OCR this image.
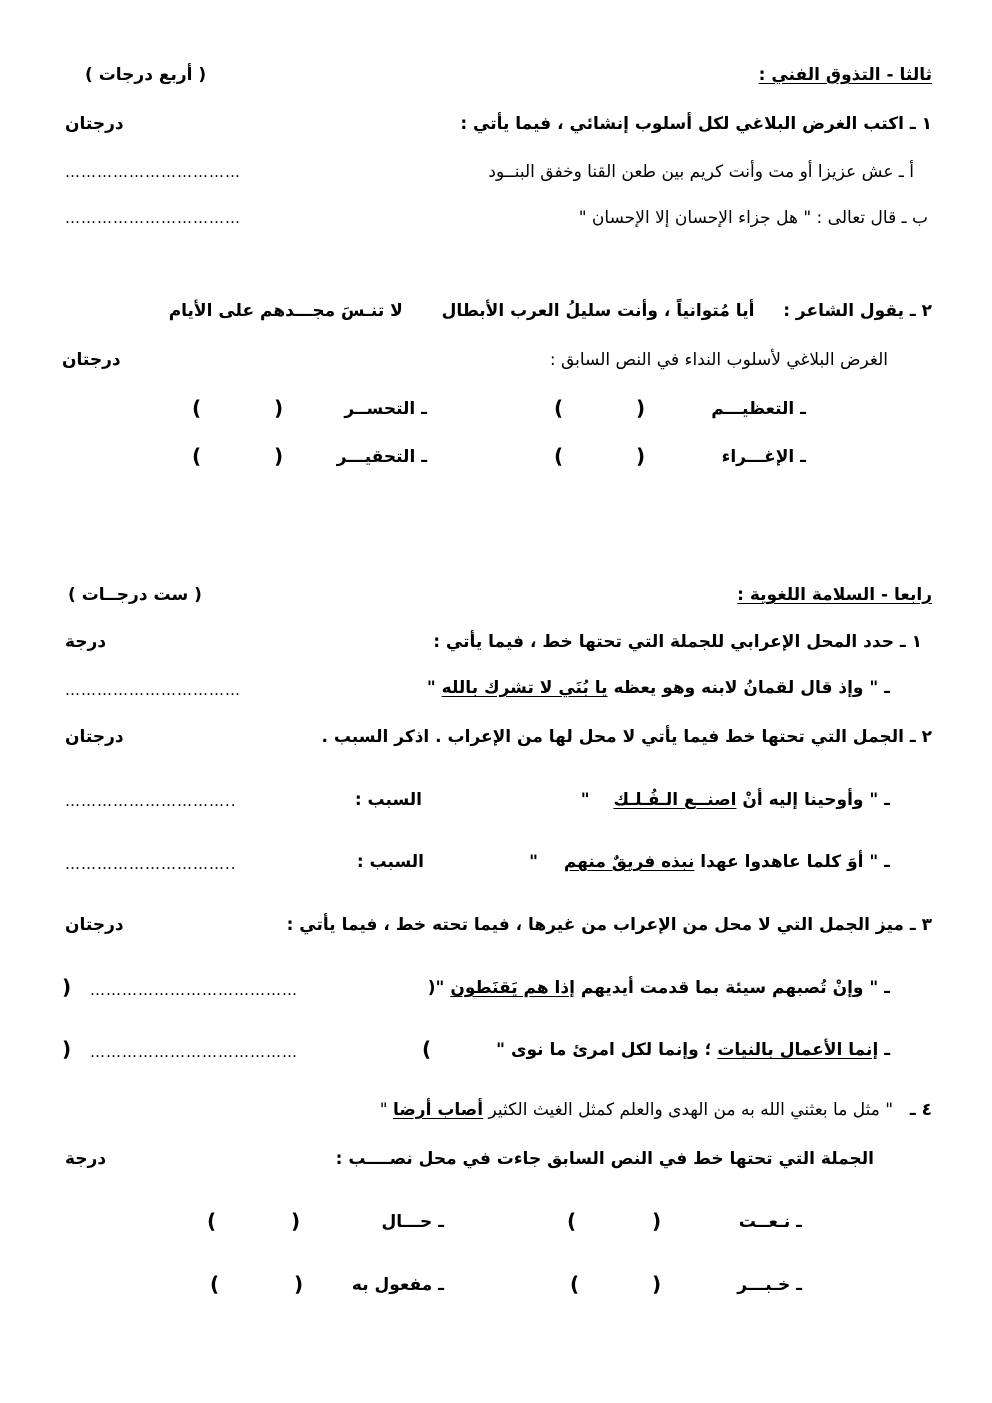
ثالثا - التذوق الفني :
( أربع درجات )
١ ـ اكتب الغرض البلاغي لكل أسلوب إنشائي ، فيما يأتي :
درجتان
أ ـ عش عزيزا أو مت وأنت كريم بين طعن القنا وخفق البنــود
……………………………
ب ـ قال تعالى : " هل جزاء الإحسان إلا الإحسان "
……………………………
٢ ـ يقول الشاعر :  أيا مُتوانياً ، وأنت سليلُ العرب الأبطال  لا تنـسَ مجـــدهم على الأيام
الغرض البلاغي لأسلوب النداء في النص السابق :
درجتان
ـ التعظيـــم
)
(
ـ التحســر
)
(
ـ الإغـــراء
)
(
ـ التحقيـــر
)
(
رابعا - السلامة اللغوية :
( ست درجــات )
١ ـ حدد المحل الإعرابي للجملة التي تحتها خط ، فيما يأتي :
درجة
ـ " وإذ قال لقمانُ لابنه وهو يعظه يا بُنَي لا تشرك بالله "
……………………………
٢ ـ الجمل التي تحتها خط فيما يأتي لا محل لها من الإعراب . اذكر السبب .
درجتان
ـ " وأوحينا إليه أنْ اصنــع الـفُـلـك  "
السبب :
…………………………..
ـ " أوَ كلما عاهدوا عهدا نبذه فريقٌ منهم  "
السبب :
…………………………..
٣ ـ ميز الجمل التي لا محل من الإعراب من غيرها ، فيما تحته خط ، فيما يأتي :
درجتان
ـ " وإنْ تُصبهم سيئة بما قدمت أيديهم إذا هم يَقنَطون "(
…………………………………
)
ـ إنما الأعمال بالنيات ؛ وإنما لكل امرئ ما نوى "
(
…………………………………
)
٤ ـ  " مثل ما بعثني الله به من الهدى والعلم كمثل الغيث الكثير أصاب أرضا "
الجملة التي تحتها خط في النص السابق جاءت في محل نصــــب :
درجة
ـ نـعــت
)
(
ـ حـــال
)
(
ـ خـبـــر
)
(
ـ مفعول به
)
(
